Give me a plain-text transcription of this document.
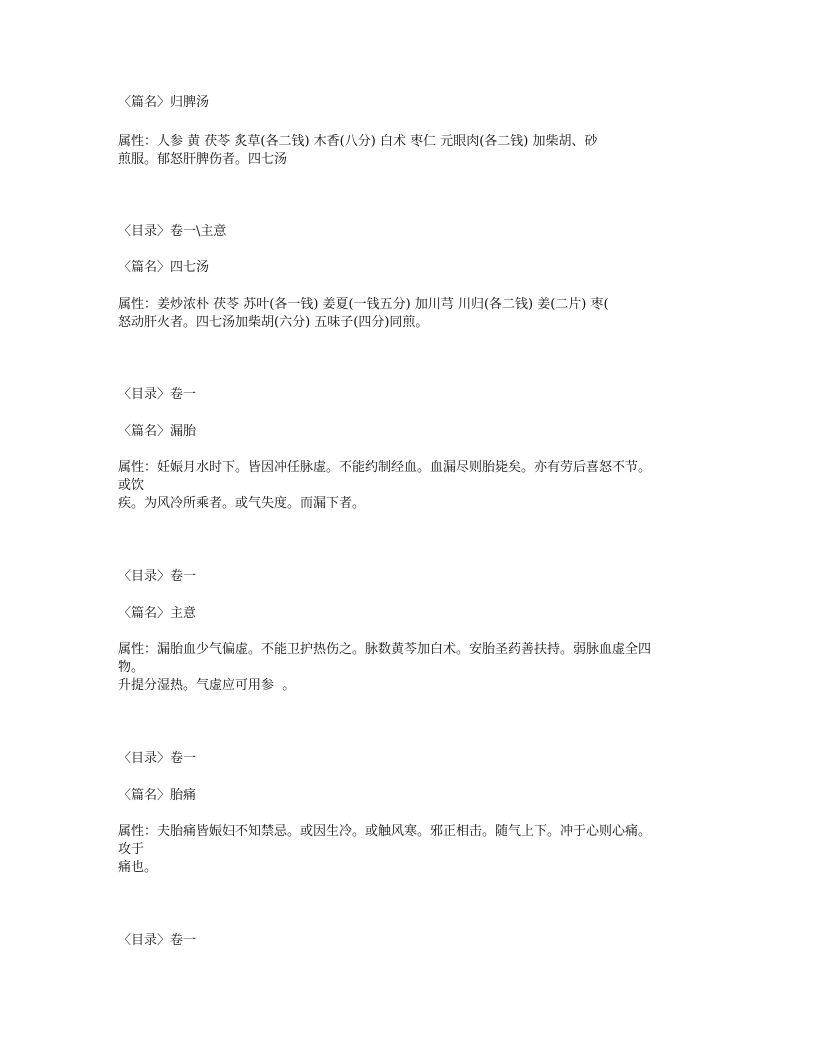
〈篇名〉归脾汤
属性：人参 黄 茯苓 炙草(各二钱) 木香(八分) 白术 枣仁 元眼肉(各二钱) 加柴胡、砂
煎服。郁怒肝脾伤者。四七汤
〈目录〉卷一\主意
〈篇名〉四七汤
属性：姜炒浓朴 茯苓 苏叶(各一钱) 姜夏(一钱五分) 加川芎 川归(各二钱) 姜(二片) 枣(
怒动肝火者。四七汤加柴胡(六分) 五味子(四分)同煎。
〈目录〉卷一
〈篇名〉漏胎
属性：妊娠月水时下。皆因冲任脉虚。不能约制经血。血漏尽则胎毙矣。亦有劳后喜怒不节。
或饮
疾。为风冷所乘者。或气失度。而漏下者。
〈目录〉卷一
〈篇名〉主意
属性：漏胎血少气偏虚。不能卫护热伤之。脉数黄芩加白术。安胎圣药善扶持。弱脉血虚全四
物。
升提分湿热。气虚应可用参  。
〈目录〉卷一
〈篇名〉胎痛
属性：夫胎痛皆娠妇不知禁忌。或因生冷。或触风寒。邪正相击。随气上下。冲于心则心痛。
攻于
痛也。
〈目录〉卷一
